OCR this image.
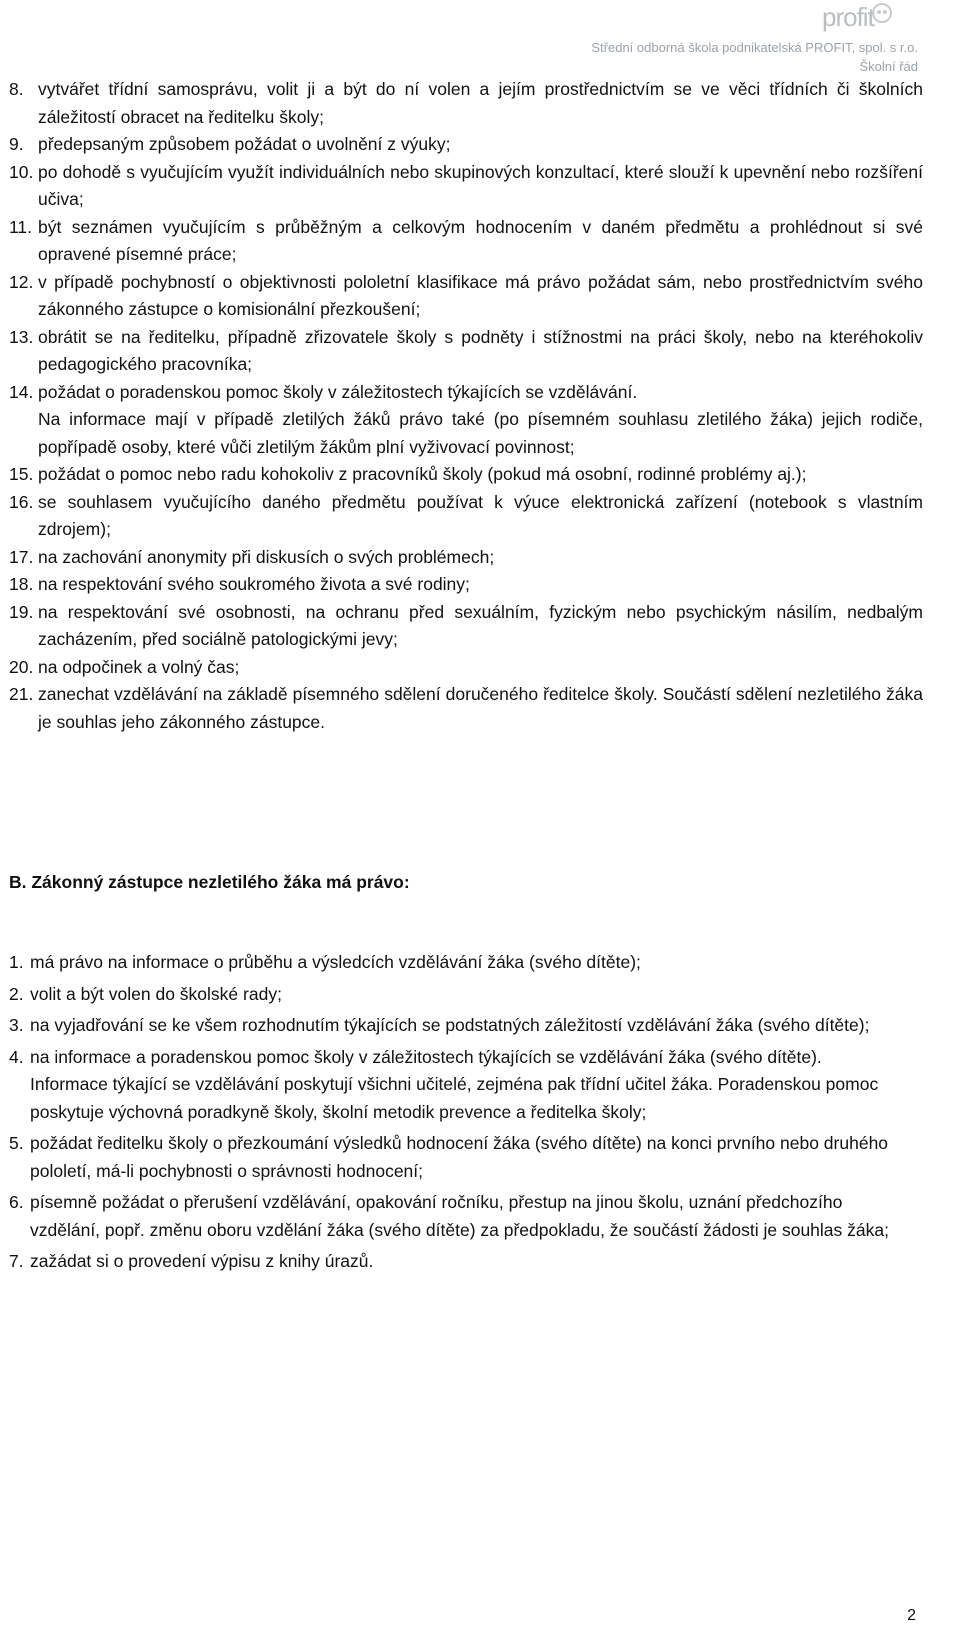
profit
Střední odborná škola podnikatelská PROFIT, spol. s r.o.
Školní řád
8. vytvářet třídní samosprávu, volit ji a být do ní volen a jejím prostřednictvím se ve věci třídních či školních záležitostí obracet na ředitelku školy;
9. předepsaným způsobem požádat o uvolnění z výuky;
10. po dohodě s vyučujícím využít individuálních nebo skupinových konzultací, které slouží k upevnění nebo rozšíření učiva;
11. být seznámen vyučujícím s průběžným a celkovým hodnocením v daném předmětu a prohlédnout si své opravené písemné práce;
12. v případě pochybností o objektivnosti pololetní klasifikace má právo požádat sám, nebo prostřednictvím svého zákonného zástupce o komisionální přezkoušení;
13. obrátit se na ředitelku, případně zřizovatele školy s podněty i stížnostmi na práci školy, nebo na kteréhokoliv pedagogického pracovníka;
14. požádat o poradenskou pomoc školy v záležitostech týkajících se vzdělávání.
Na informace mají v případě zletilých žáků právo také (po písemném souhlasu zletilého žáka) jejich rodiče, popřípadě osoby, které vůči zletilým žákům plní vyživovací povinnost;
15. požádat o pomoc nebo radu kohokoliv z pracovníků školy (pokud má osobní, rodinné problémy aj.);
16. se souhlasem vyučujícího daného předmětu používat k výuce elektronická zařízení (notebook s vlastním zdrojem);
17. na zachování anonymity při diskusích o svých problémech;
18. na respektování svého soukromého života a své rodiny;
19. na respektování své osobnosti, na ochranu před sexuálním, fyzickým nebo psychickým násilím, nedbalým zacházením, před sociálně patologickými jevy;
20. na odpočinek a volný čas;
21. zanechat vzdělávání na základě písemného sdělení doručeného ředitelce školy. Součástí sdělení nezletilého žáka je souhlas jeho zákonného zástupce.
B. Zákonný zástupce nezletilého žáka má právo:
1. má právo na informace o průběhu a výsledcích vzdělávání žáka (svého dítěte);
2. volit a být volen do školské rady;
3. na vyjadřování se ke všem rozhodnutím týkajících se podstatných záležitostí vzdělávání žáka (svého dítěte);
4. na informace a poradenskou pomoc školy v záležitostech týkajících se vzdělávání žáka (svého dítěte). Informace týkající se vzdělávání poskytují všichni učitelé, zejména pak třídní učitel žáka. Poradenskou pomoc poskytuje výchovná poradkyně školy, školní metodik prevence a ředitelka školy;
5. požádat ředitelku školy o přezkoumání výsledků hodnocení žáka (svého dítěte) na konci prvního nebo druhého pololetí, má-li pochybnosti o správnosti hodnocení;
6. písemně požádat o přerušení vzdělávání, opakování ročníku, přestup na jinou školu, uznání předchozího vzdělání, popř. změnu oboru vzdělání žáka (svého dítěte) za předpokladu, že součástí žádosti je souhlas žáka;
7. zažádat si o provedení výpisu z knihy úrazů.
2
